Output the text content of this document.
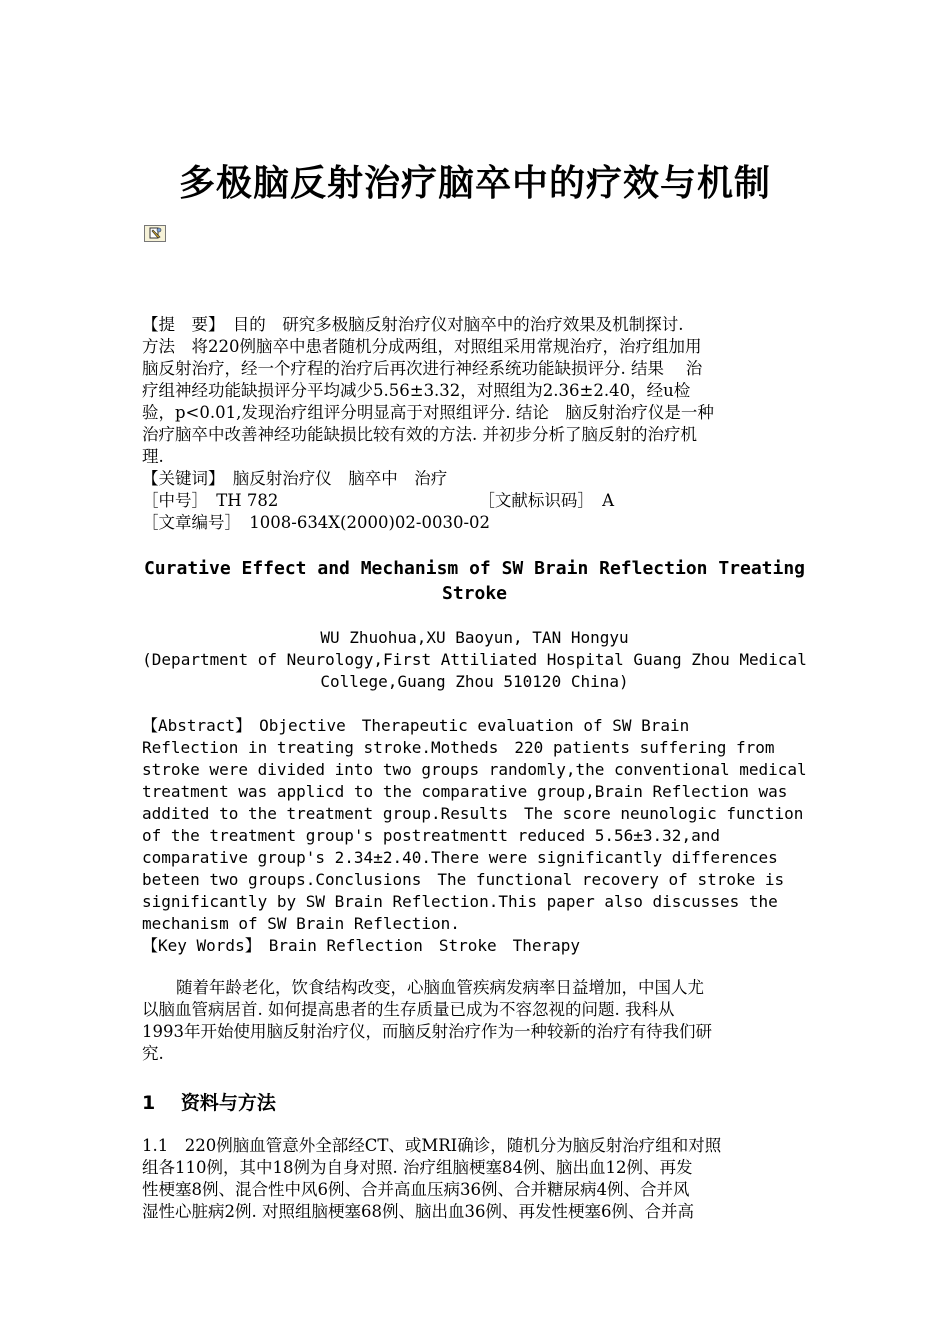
多极脑反射治疗脑卒中的疗效与机制
【提　要】　目的　研究多极脑反射治疗仪对脑卒中的治疗效果及机制探讨.
方法　将220例脑卒中患者随机分成两组，对照组采用常规治疗，治疗组加用
脑反射治疗，经一个疗程的治疗后再次进行神经系统功能缺损评分. 结果　 治
疗组神经功能缺损评分平均减少5.56±3.32，对照组为2.36±2.40，经u检
验，p<0.01,发现治疗组评分明显高于对照组评分. 结论　脑反射治疗仪是一种
治疗脑卒中改善神经功能缺损比较有效的方法. 并初步分析了脑反射的治疗机
理.
【关键词】　脑反射治疗仪　脑卒中　治疗
［中号］　TH 782	［文献标识码］　A
［文章编号］　1008-634X(2000)02-0030-02
Curative Effect and Mechanism of SW Brain Reflection Treating
Stroke
WU Zhuohua,XU Baoyun, TAN Hongyu
(Department of Neurology,First Attiliated Hospital Guang Zhou Medical
College,Guang Zhou 510120 China)
【Abstract】　Objective　Therapeutic evaluation of SW Brain
Reflection in treating stroke.Motheds　220 patients suffering from
stroke were divided into two groups randomly,the conventional medical
treatment was applicd to the comparative group,Brain Reflection was
addited to the treatment group.Results　The score neunologic function
of the treatment group's postreatmentt reduced 5.56±3.32,and
comparative group's 2.34±2.40.There were significantly differences
beteen two groups.Conclusions　The functional recovery of stroke is
significantly by SW Brain Reflection.This paper also discusses the
mechanism of SW Brain Reflection.
【Key Words】　Brain Reflection　Stroke　Therapy
随着年龄老化，饮食结构改变，心脑血管疾病发病率日益增加，中国人尤
以脑血管病居首. 如何提高患者的生存质量已成为不容忽视的问题. 我科从
1993年开始使用脑反射治疗仪，而脑反射治疗作为一种较新的治疗有待我们研
究.
1　 资料与方法
1.1　220例脑血管意外全部经CT、或MRI确诊，随机分为脑反射治疗组和对照
组各110例，其中18例为自身对照. 治疗组脑梗塞84例、脑出血12例、再发
性梗塞8例、混合性中风6例、合并高血压病36例、合并糖尿病4例、合并风
湿性心脏病2例. 对照组脑梗塞68例、脑出血36例、再发性梗塞6例、合并高
